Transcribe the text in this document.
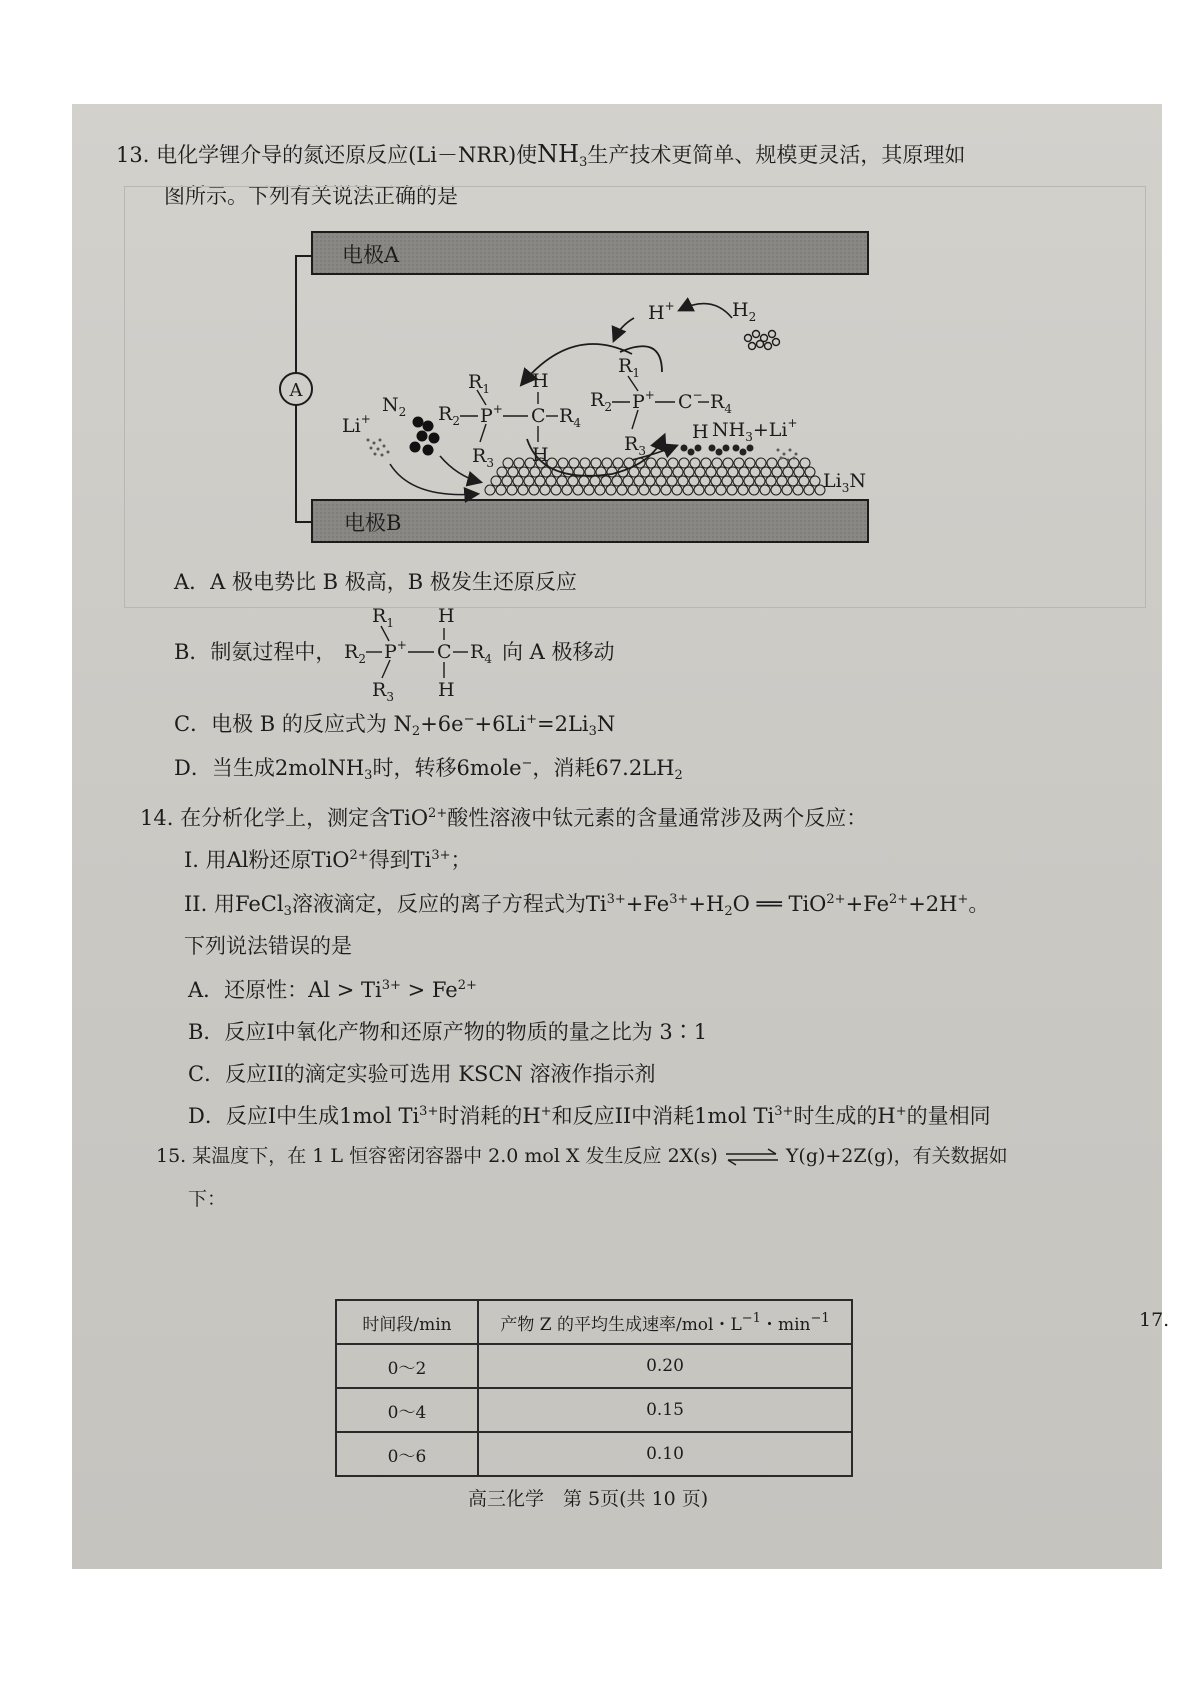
13. 电化学锂介导的氮还原反应(Li－NRR)使$NH_3$生产技术更简单、规模更灵活，其原理如
图所示。下列有关说法正确的是
A
电极A
电极B
$Li_3N$
Li+
$N_2$
$R_1$
$R_2$ P+
$R_3$
C
H
H
$R_4$
$R_1$
$R_2$ P+
$R_3$
C− $R_4$
H+	$H_2$
H $NH_3+Li^+$
A．A 极电势比 B 极高，B 极发生还原反应
B．制氨过程中，
$R_1$
$R_2$ P+
$R_3$
C
H
H
$R_4$ 向 A 极移动
C．电极 B 的反应式为 $N_2+6e^-+6Li^+=2Li_3N$
D．当生成2molNH$_3$时，转移6mole−，消耗$67.2LH_2$
14. 在分析化学上，测定含TiO$^{2+}$酸性溶液中钛元素的含量通常涉及两个反应：
I. 用Al粉还原TiO$^{2+}$得到$Ti^{3+}$；
II. 用FeCl$_3$溶液滴定，反应的离子方程式为$Ti^{3+}+Fe^{3+}+H_2O$ ══ $TiO^{2+}+Fe^{2+}+2H^+$。
下列说法错误的是
A．还原性：$Al > Ti^{3+} > Fe^{2+}$
B．反应I中氧化产物和还原产物的物质的量之比为 3∶1
C．反应II的滴定实验可选用 KSCN 溶液作指示剂
D．反应I中生成1mol $Ti^{3+}$时消耗的H+和反应II中消耗1mol $Ti^{3+}$时生成的H+的量相同
15. 某温度下，在 1 L 恒容密闭容器中 2.0 mol X 发生反应 2X(s) ⇌ Y(g)+2Z(g)，有关数据如
下：
时间段/min	产物 Z 的平均生成速率/mol・$L^{-1}$・$\min^{-1}$
0～2	0.20
0～4	0.15
0～6	0.10
17.
高三化学　第 5页(共 10 页)
